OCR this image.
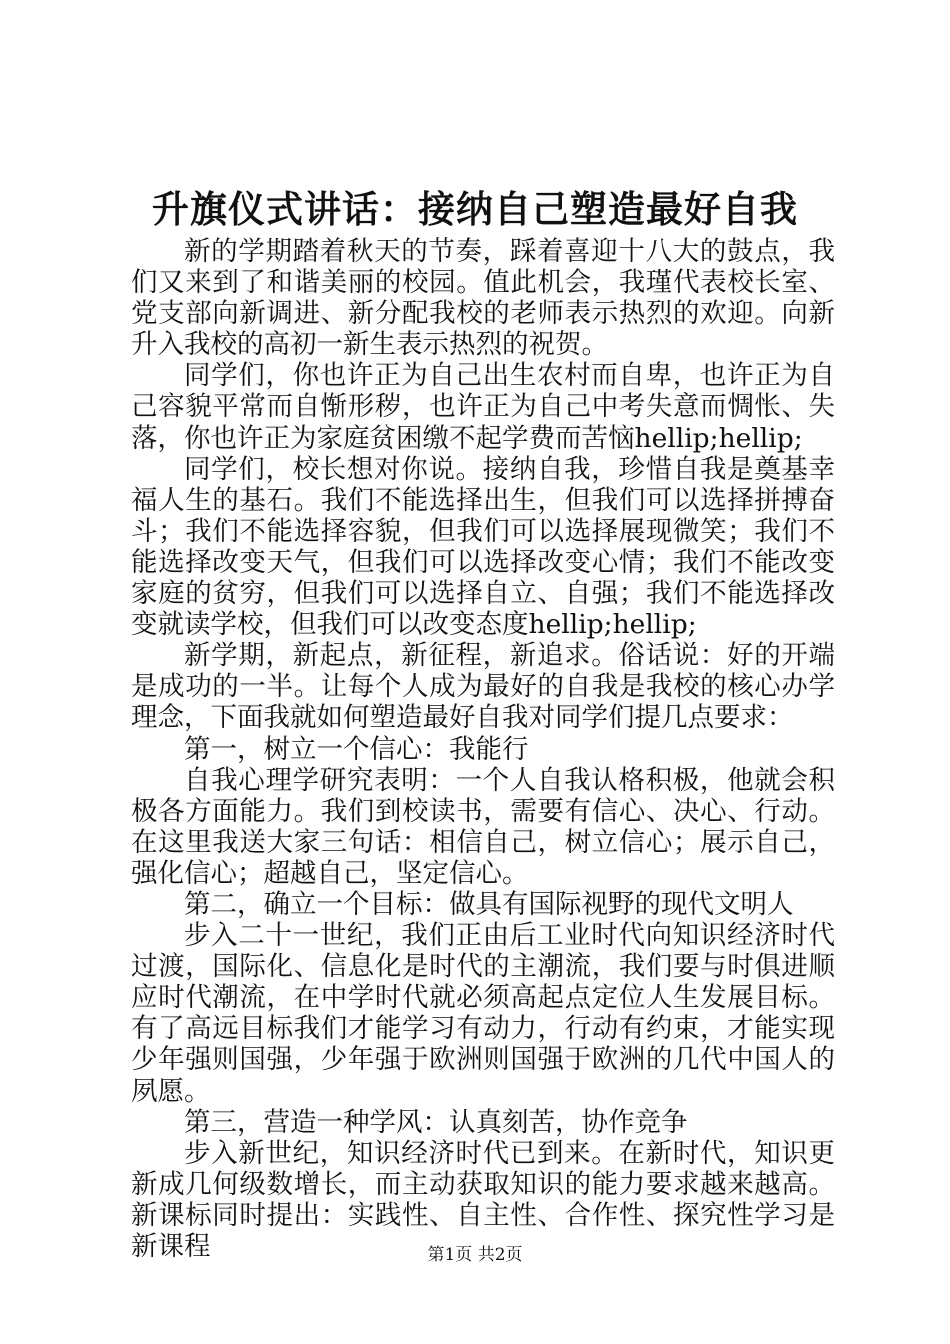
升旗仪式讲话：接纳自己塑造最好自我

新的学期踏着秋天的节奏，踩着喜迎十八大的鼓点，我们又来到了和谐美丽的校园。值此机会，我瑾代表校长室、党支部向新调进、新分配我校的老师表示热烈的欢迎。向新升入我校的高初一新生表示热烈的祝贺。

同学们，你也许正为自己出生农村而自卑，也许正为自己容貌平常而自惭形秽，也许正为自己中考失意而惆怅、失落，你也许正为家庭贫困缴不起学费而苦恼hellip;hellip;

同学们，校长想对你说。接纳自我，珍惜自我是奠基幸福人生的基石。我们不能选择出生，但我们可以选择拼搏奋斗；我们不能选择容貌，但我们可以选择展现微笑；我们不能选择改变天气，但我们可以选择改变心情；我们不能改变家庭的贫穷，但我们可以选择自立、自强；我们不能选择改变就读学校，但我们可以改变态度hellip;hellip;

新学期，新起点，新征程，新追求。俗话说：好的开端是成功的一半。让每个人成为最好的自我是我校的核心办学理念，下面我就如何塑造最好自我对同学们提几点要求：

第一，树立一个信心：我能行

自我心理学研究表明：一个人自我认格积极，他就会积极各方面能力。我们到校读书，需要有信心、决心、行动。在这里我送大家三句话：相信自己，树立信心；展示自己，强化信心；超越自己，坚定信心。

第二，确立一个目标：做具有国际视野的现代文明人

步入二十一世纪，我们正由后工业时代向知识经济时代过渡，国际化、信息化是时代的主潮流，我们要与时俱进顺应时代潮流，在中学时代就必须高起点定位人生发展目标。有了高远目标我们才能学习有动力，行动有约束，才能实现少年强则国强，少年强于欧洲则国强于欧洲的几代中国人的夙愿。

第三，营造一种学风：认真刻苦，协作竞争

步入新世纪，知识经济时代已到来。在新时代，知识更新成几何级数增长，而主动获取知识的能力要求越来越高。新课标同时提出：实践性、自主性、合作性、探究性学习是新课程	第1页 共2页
